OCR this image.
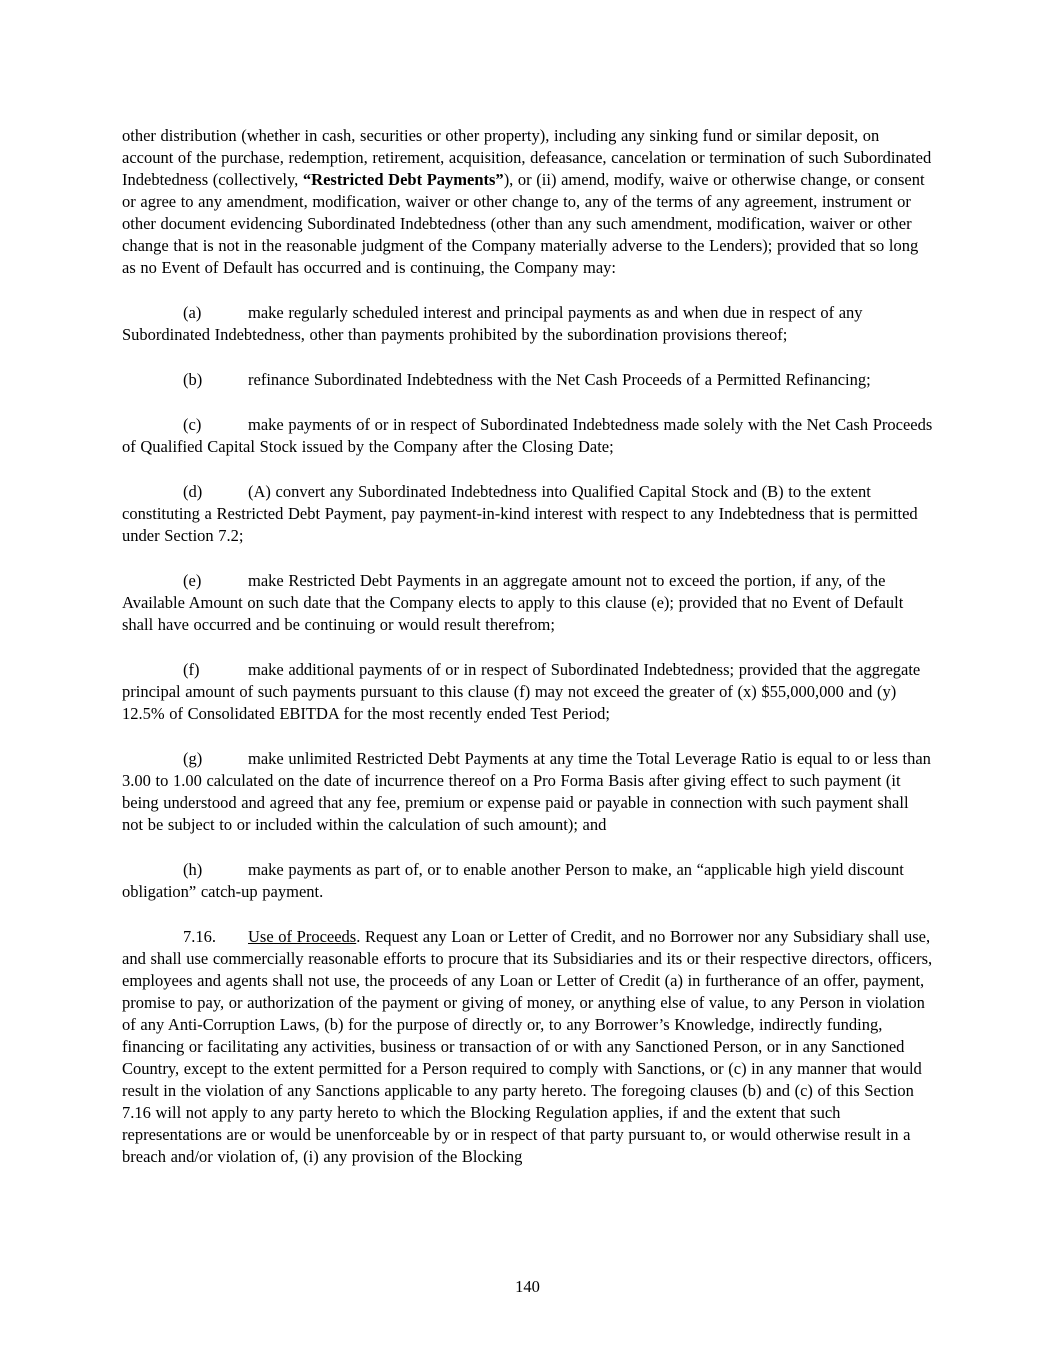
other distribution (whether in cash, securities or other property), including any sinking fund or similar deposit, on account of the purchase, redemption, retirement, acquisition, defeasance, cancelation or termination of such Subordinated Indebtedness (collectively, “Restricted Debt Payments”), or (ii) amend, modify, waive or otherwise change, or consent or agree to any amendment, modification, waiver or other change to, any of the terms of any agreement, instrument or other document evidencing Subordinated Indebtedness (other than any such amendment, modification, waiver or other change that is not in the reasonable judgment of the Company materially adverse to the Lenders); provided that so long as no Event of Default has occurred and is continuing, the Company may:

(a)	make regularly scheduled interest and principal payments as and when due in respect of any Subordinated Indebtedness, other than payments prohibited by the subordination provisions thereof;

(b)	refinance Subordinated Indebtedness with the Net Cash Proceeds of a Permitted Refinancing;

(c)	make payments of or in respect of Subordinated Indebtedness made solely with the Net Cash Proceeds of Qualified Capital Stock issued by the Company after the Closing Date;

(d)	(A) convert any Subordinated Indebtedness into Qualified Capital Stock and (B) to the extent constituting a Restricted Debt Payment, pay payment-in-kind interest with respect to any Indebtedness that is permitted under Section 7.2;

(e)	make Restricted Debt Payments in an aggregate amount not to exceed the portion, if any, of the Available Amount on such date that the Company elects to apply to this clause (e); provided that no Event of Default shall have occurred and be continuing or would result therefrom;

(f)	make additional payments of or in respect of Subordinated Indebtedness; provided that the aggregate principal amount of such payments pursuant to this clause (f) may not exceed the greater of (x) $55,000,000 and (y) 12.5% of Consolidated EBITDA for the most recently ended Test Period;

(g)	make unlimited Restricted Debt Payments at any time the Total Leverage Ratio is equal to or less than 3.00 to 1.00 calculated on the date of incurrence thereof on a Pro Forma Basis after giving effect to such payment (it being understood and agreed that any fee, premium or expense paid or payable in connection with such payment shall not be subject to or included within the calculation of such amount); and

(h)	make payments as part of, or to enable another Person to make, an “applicable high yield discount obligation” catch-up payment.

7.16. Use of Proceeds. Request any Loan or Letter of Credit, and no Borrower nor any Subsidiary shall use, and shall use commercially reasonable efforts to procure that its Subsidiaries and its or their respective directors, officers, employees and agents shall not use, the proceeds of any Loan or Letter of Credit (a) in furtherance of an offer, payment, promise to pay, or authorization of the payment or giving of money, or anything else of value, to any Person in violation of any Anti-Corruption Laws, (b) for the purpose of directly or, to any Borrower’s Knowledge, indirectly funding, financing or facilitating any activities, business or transaction of or with any Sanctioned Person, or in any Sanctioned Country, except to the extent permitted for a Person required to comply with Sanctions, or (c) in any manner that would result in the violation of any Sanctions applicable to any party hereto. The foregoing clauses (b) and (c) of this Section 7.16 will not apply to any party hereto to which the Blocking Regulation applies, if and the extent that such representations are or would be unenforceable by or in respect of that party pursuant to, or would otherwise result in a breach and/or violation of, (i) any provision of the Blocking

140
